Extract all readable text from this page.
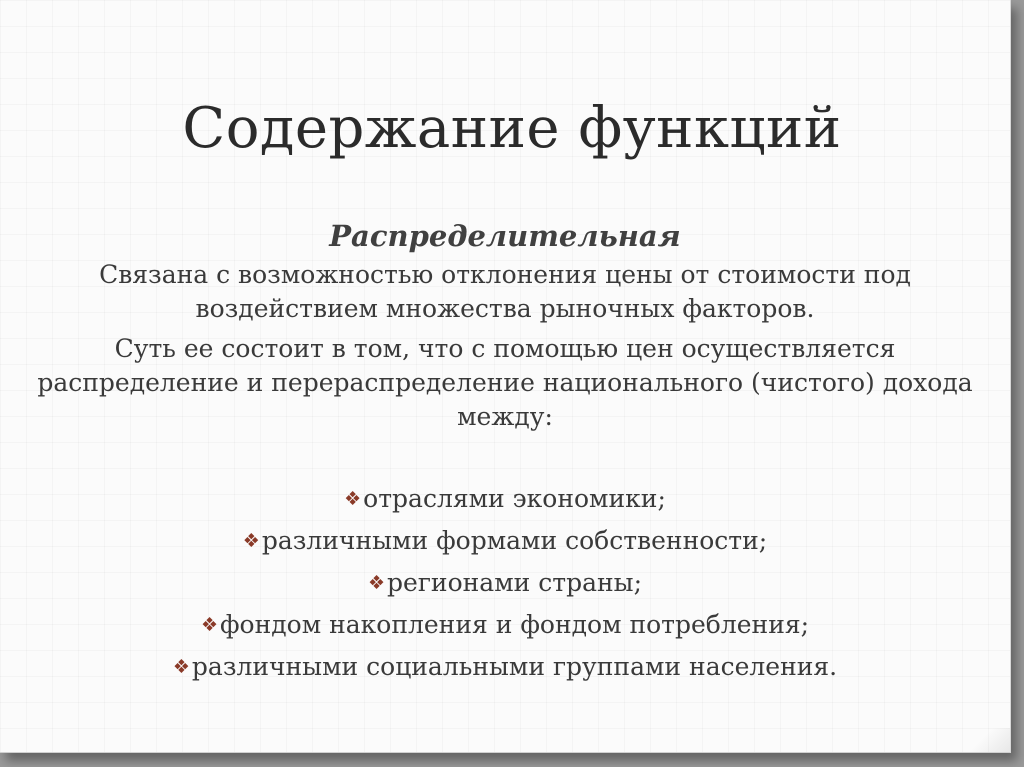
Содержание функций

Распределительная

Связана с возможностью отклонения цены от стоимости под воздействием множества рыночных факторов.

Суть ее состоит в том, что с помощью цен осуществляется распределение и перераспределение национального (чистого) дохода между:

❖отраслями экономики;
❖различными формами собственности;
❖регионами страны;
❖фондом накопления и фондом потребления;
❖различными социальными группами населения.
